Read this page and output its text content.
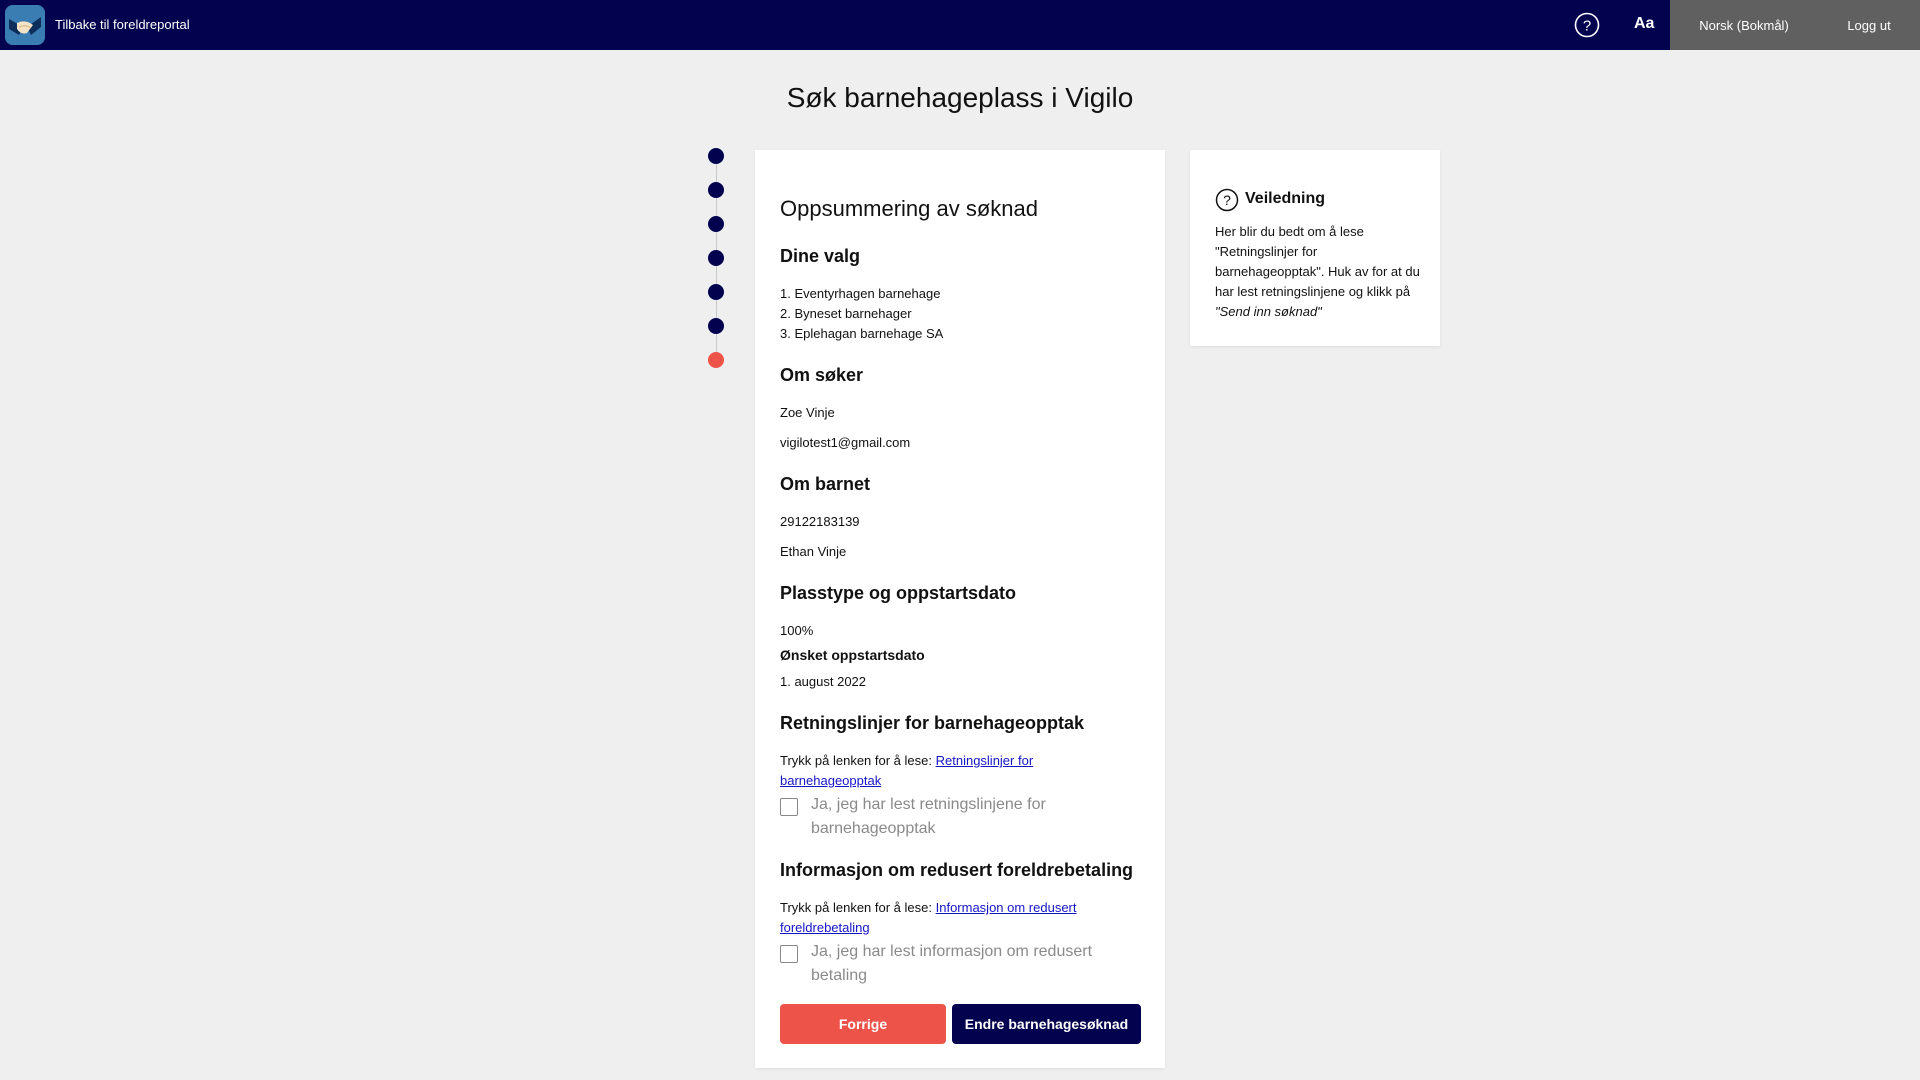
Tilbake til foreldreportal	?	Aa	Norsk (Bokmål)	Logg ut
Søk barnehageplass i Vigilo
Oppsummering av søknad
Dine valg
1. Eventyrhagen barnehage
2. Byneset barnehager
3. Eplehagan barnehage SA
Om søker
Zoe Vinje
vigilotest1@gmail.com
Om barnet
29122183139
Ethan Vinje
Plasstype og oppstartsdato
100%
Ønsket oppstartsdato
1. august 2022
Retningslinjer for barnehageopptak
Trykk på lenken for å lese: Retningslinjer for barnehageopptak
Ja, jeg har lest retningslinjene for barnehageopptak
Informasjon om redusert foreldrebetaling
Trykk på lenken for å lese: Informasjon om redusert foreldrebetaling
Ja, jeg har lest informasjon om redusert betaling
Forrige	Endre barnehagesøknad
? Veiledning
Her blir du bedt om å lese "Retningslinjer for barnehageopptak". Huk av for at du har lest retningslinjene og klikk på "Send inn søknad"
